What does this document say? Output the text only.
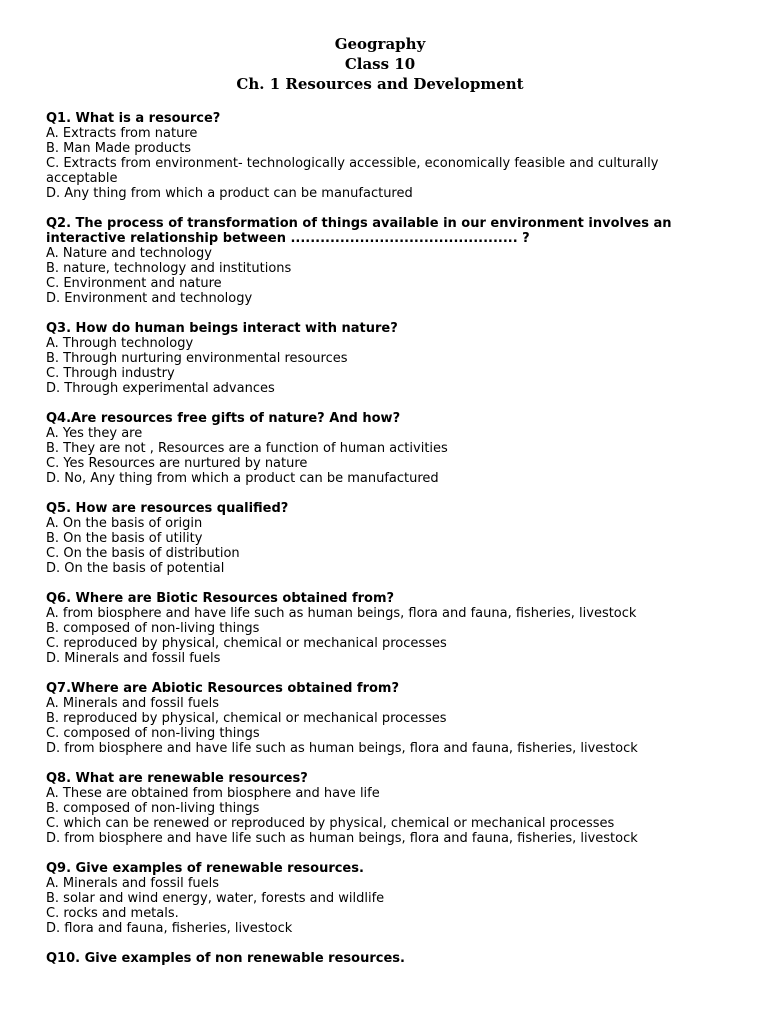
Geography
Class 10
Ch. 1 Resources and Development

Q1. What is a resource?

A. Extracts from nature

B. Man Made products

C. Extracts from environment- technologically accessible, economically feasible and culturally acceptable

D. Any thing from which a product can be manufactured

Q2. The process of transformation of things available in our environment involves an interactive relationship between .............................................. ?

A. Nature and technology

B. nature, technology and institutions

C. Environment and nature

D. Environment and technology

Q3. How do human beings interact with nature?

A. Through technology

B. Through nurturing environmental resources

C. Through industry

D. Through experimental advances

Q4.Are resources free gifts of nature? And how?

A. Yes they are

B. They are not , Resources are a function of human activities

C. Yes Resources are nurtured by nature

D. No, Any thing from which a product can be manufactured

Q5. How are resources qualified?

A. On the basis of origin

B. On the basis of utility

C. On the basis of distribution

D. On the basis of potential

Q6. Where are Biotic Resources obtained from?

A. from biosphere and have life such as human beings, flora and fauna, fisheries, livestock

B. composed of non-living things

C. reproduced by physical, chemical or mechanical processes

D. Minerals and fossil fuels

Q7.Where are Abiotic Resources obtained from?

A. Minerals and fossil fuels

B. reproduced by physical, chemical or mechanical processes

C. composed of non-living things

D. from biosphere and have life such as human beings, flora and fauna, fisheries, livestock

Q8. What are renewable resources?

A. These are obtained from biosphere and have life

B. composed of non-living things

C. which can be renewed or reproduced by physical, chemical or mechanical processes

D. from biosphere and have life such as human beings, flora and fauna, fisheries, livestock

Q9. Give examples of renewable resources.

A. Minerals and fossil fuels

B. solar and wind energy, water, forests and wildlife

C. rocks and metals.

D. flora and fauna, fisheries, livestock

Q10. Give examples of non renewable resources.
